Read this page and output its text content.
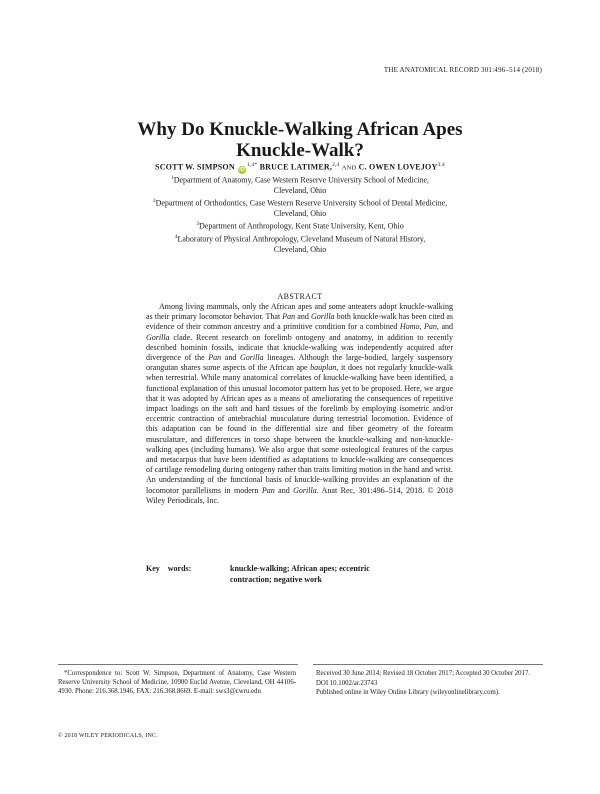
THE ANATOMICAL RECORD 301:496–514 (2018)
Why Do Knuckle-Walking African Apes
Knuckle-Walk?
SCOTT W. SIMPSON $iD^{1,4*}$ BRUCE LATIMER,$^{2,4}$ AND C. OWEN LOVEJOY$^{3,4}$
$^1$Department of Anatomy, Case Western Reserve University School of Medicine,
Cleveland, Ohio
$^2$Department of Orthodontics, Case Western Reserve University School of Dental Medicine,
Cleveland, Ohio
$^3$Department of Anthropology, Kent State University, Kent, Ohio
$^4$Laboratory of Physical Anthropology, Cleveland Museum of Natural History,
Cleveland, Ohio
ABSTRACT

Among living mammals, only the African apes and some anteaters adopt knuckle-walking as their primary locomotor behavior. That Pan and Gorilla both knuckle-walk has been cited as evidence of their common ancestry and a primitive condition for a combined Homo, Pan, and Gorilla clade. Recent research on forelimb ontogeny and anatomy, in addition to recently described hominin fossils, indicate that knuckle-walking was independently acquired after divergence of the Pan and Gorilla lineages. Although the large-bodied, largely suspensory orangutan shares some aspects of the African ape bauplan, it does not regularly knuckle-walk when terrestrial. While many anatomical correlates of knuckle-walking have been identified, a functional explanation of this unusual locomotor pattern has yet to be proposed. Here, we argue that it was adopted by African apes as a means of ameliorating the consequences of repetitive impact loadings on the soft and hard tissues of the forelimb by employing isometric and/or eccentric contraction of antebrachial musculature during terrestrial locomotion. Evidence of this adaptation can be found in the differential size and fiber geometry of the forearm musculature, and differences in torso shape between the knuckle-walking and non-knuckle-walking apes (including humans). We also argue that some osteological features of the carpus and metacarpus that have been identified as adaptations to knuckle-walking are consequences of cartilage remodeling during ontogeny rather than traits limiting motion in the hand and wrist. An understanding of the functional basis of knuckle-walking provides an explanation of the locomotor parallelisms in modern Pan and Gorilla. Anat Rec, 301:496–514, 2018. © 2018 Wiley Periodicals, Inc.

Key words:	knuckle-walking; African apes; eccentric
contraction; negative work
*Correspondence to: Scott W. Simpson, Department of Anatomy, Case Western Reserve University School of Medicine, 10900 Euclid Avenue, Cleveland, OH 44106-4930. Phone: 216.368.1946, FAX: 216.368.8669. E-mail: sws3@cwru.edu
Received 30 June 2014; Revised 18 October 2017; Accepted 30 October 2017.
DOI 10.1002/ar.23743
Published online in Wiley Online Library (wileyonlinelibrary.com).
© 2018 WILEY PERIODICALS, INC.
